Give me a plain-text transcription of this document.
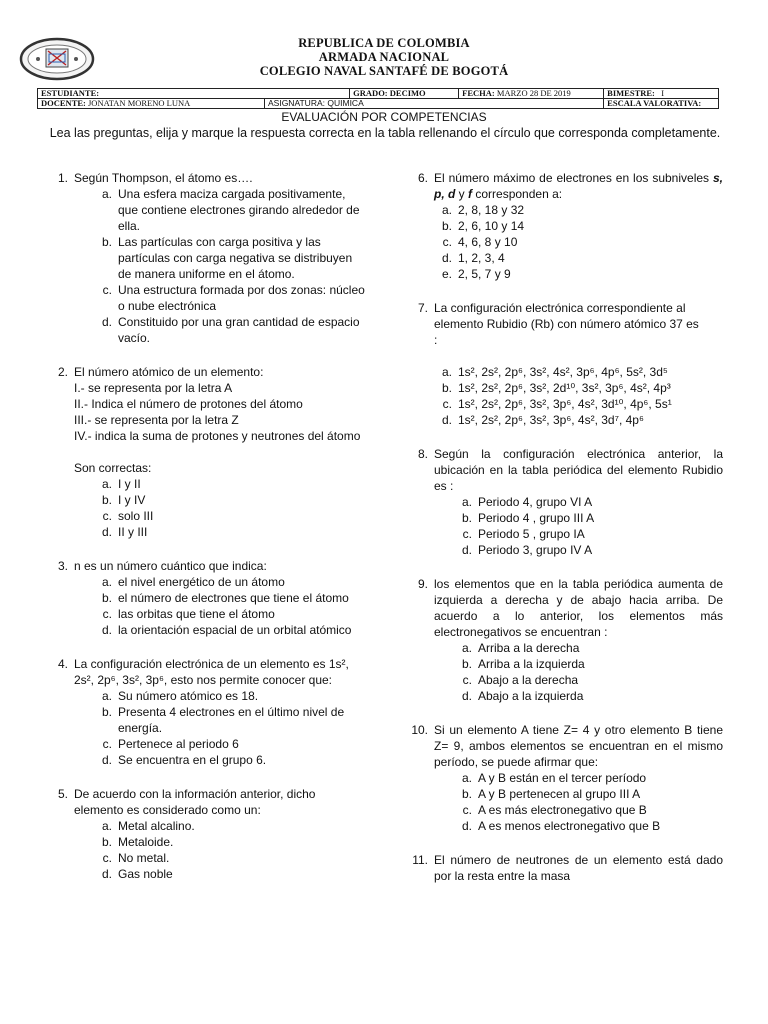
REPUBLICA DE COLOMBIA
ARMADA NACIONAL
COLEGIO NAVAL SANTAFÉ DE BOGOTÁ
ESTUDIANTE:		GRADO: DECIMO	FECHA: MARZO 28 DE 2019	BIMESTRE: I
DOCENTE: JONATAN MORENO LUNA	ASIGNATURA: QUIMICA			ESCALA VALORATIVA:
EVALUACIÓN POR COMPETENCIAS
Lea las preguntas, elija y marque la respuesta correcta en la tabla rellenando el círculo que corresponda completamente.
1. Según Thompson, el átomo es….
a. Una esfera maciza cargada positivamente, que contiene electrones girando alrededor de ella.
b. Las partículas con carga positiva y las partículas con carga negativa se distribuyen de manera uniforme en el átomo.
c. Una estructura formada por dos zonas: núcleo o nube electrónica
d. Constituido por una gran cantidad de espacio vacío.
2. El número atómico de un elemento:
I.- se representa por la letra A
II.- Indica el número de protones del átomo
III.- se representa por la letra Z
IV.- indica la suma de protones y neutrones del átomo
Son correctas:
a. I y II
b. I y IV
c. solo III
d. II y III
3. n es un número cuántico que indica:
a. el nivel energético de un átomo
b. el número de electrones que tiene el átomo
c. las orbitas que tiene el átomo
d. la orientación espacial de un orbital atómico
4. La configuración electrónica de un elemento es 1s², 2s², 2p⁶, 3s², 3p⁶, esto nos permite conocer que:
a. Su número atómico es 18.
b. Presenta 4 electrones en el último nivel de energía.
c. Pertenece al periodo 6
d. Se encuentra en el grupo 6.
5. De acuerdo con la información anterior, dicho elemento es considerado como un:
a. Metal alcalino.
b. Metaloide.
c. No metal.
d. Gas noble
6. El número máximo de electrones en los subniveles s, p, d y f corresponden a:
a. 2, 8, 18 y 32
b. 2, 6, 10 y 14
c. 4, 6, 8 y 10
d. 1, 2, 3, 4
e. 2, 5, 7 y 9
7. La configuración electrónica correspondiente al elemento Rubidio (Rb) con número atómico 37 es :
a. 1s², 2s², 2p⁶, 3s², 4s², 3p⁶, 4p⁶, 5s², 3d⁵
b. 1s², 2s², 2p⁶, 3s², 2d¹⁰, 3s², 3p⁶, 4s², 4p³
c. 1s², 2s², 2p⁶, 3s², 3p⁶, 4s², 3d¹⁰, 4p⁶, 5s¹
d. 1s², 2s², 2p⁶, 3s², 3p⁶, 4s², 3d⁷, 4p⁶
8. Según la configuración electrónica anterior, la ubicación en la tabla periódica del elemento Rubidio es :
a. Periodo 4, grupo VI A
b. Periodo 4 , grupo III A
c. Periodo 5 , grupo IA
d. Periodo 3, grupo IV A
9. los elementos que en la tabla periódica aumenta de izquierda a derecha y de abajo hacia arriba. De acuerdo a lo anterior, los elementos más electronegativos se encuentran :
a. Arriba a la derecha
b. Arriba a la izquierda
c. Abajo a la derecha
d. Abajo a la izquierda
10. Si un elemento A tiene Z= 4 y otro elemento B tiene Z= 9, ambos elementos se encuentran en el mismo período, se puede afirmar que:
a. A y B están en el tercer período
b. A y B pertenecen al grupo III A
c. A es más electronegativo que B
d. A es menos electronegativo que B
11. El número de neutrones de un elemento está dado por la resta entre la masa
